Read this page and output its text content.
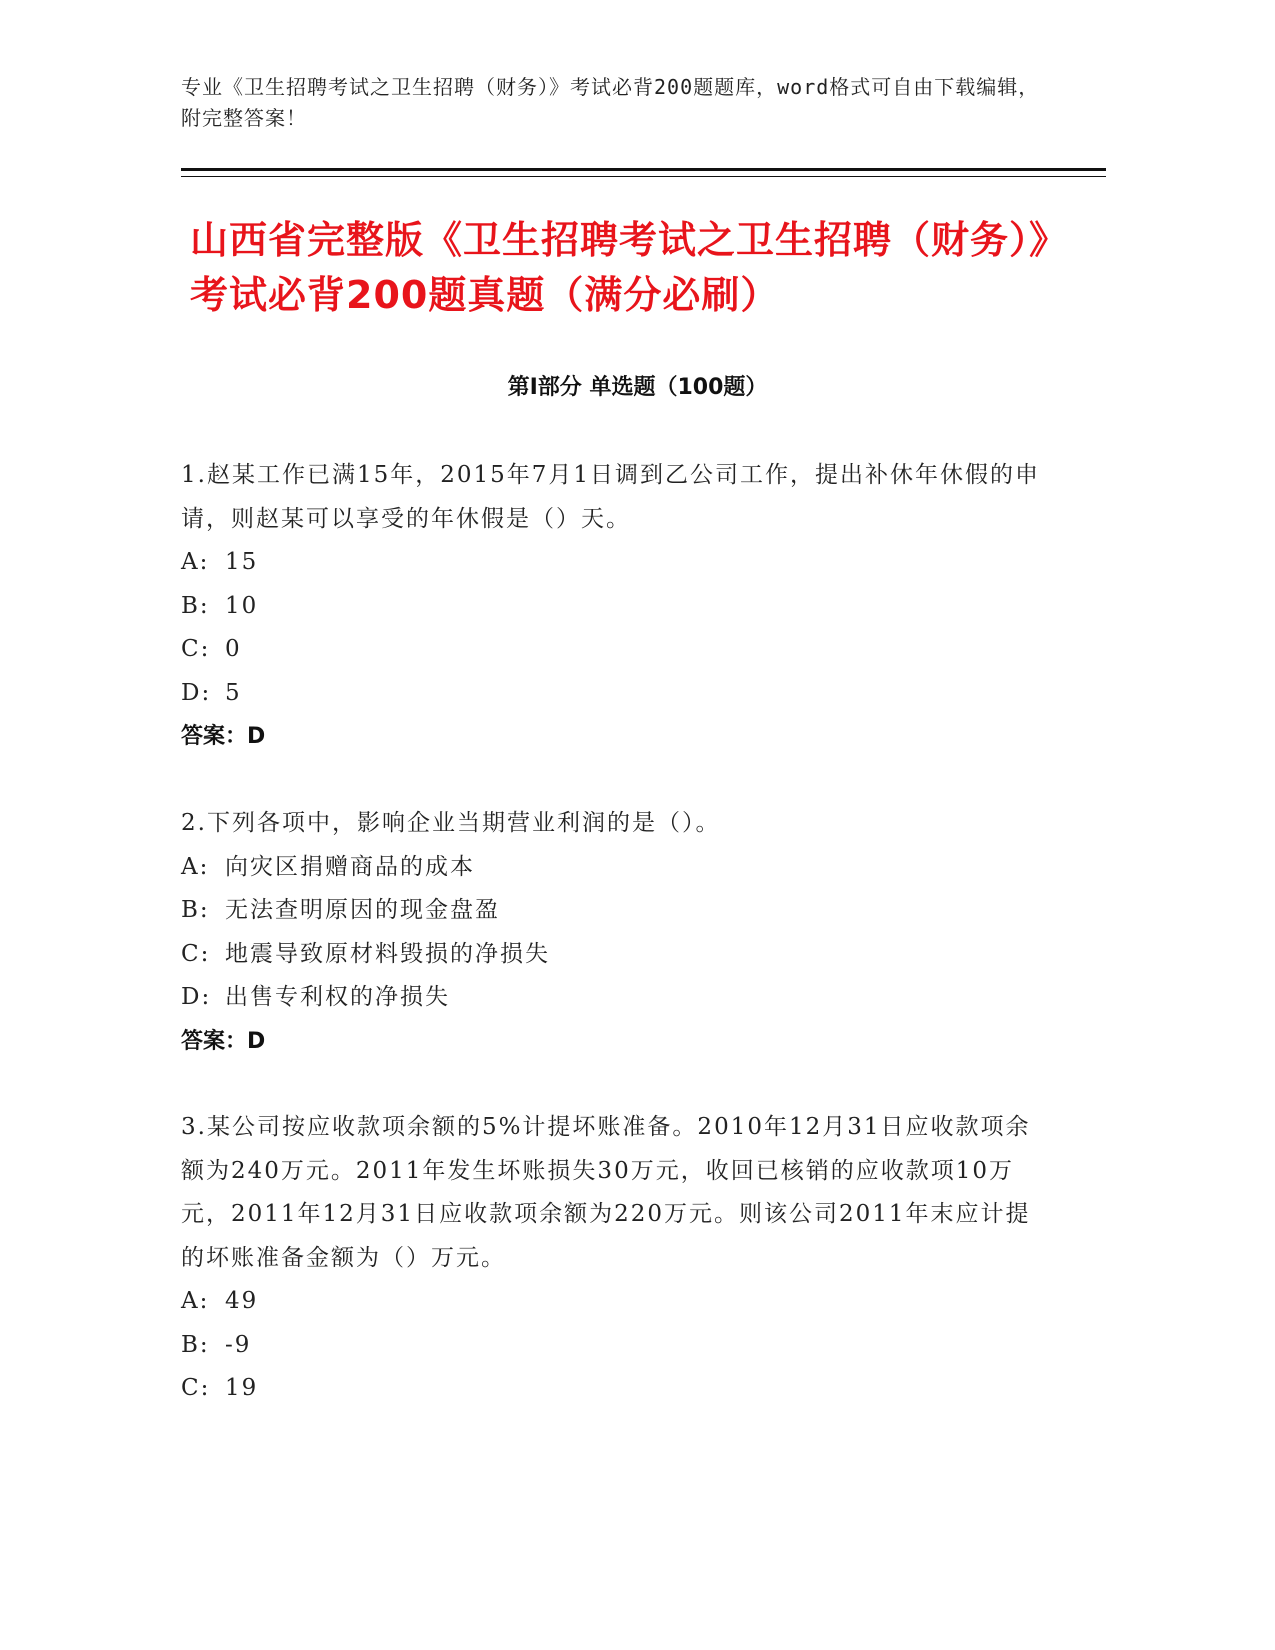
专业《卫生招聘考试之卫生招聘（财务）》考试必背200题题库，word格式可自由下载编辑，附完整答案！
山西省完整版《卫生招聘考试之卫生招聘（财务）》考试必背200题真题（满分必刷）
第Ⅰ部分 单选题（100题）

1.赵某工作已满15年，2015年7月1日调到乙公司工作，提出补休年休假的申请，则赵某可以享受的年休假是（）天。

A: 15

B: 10

C: 0

D: 5

答案：D

2.下列各项中，影响企业当期营业利润的是（）。

A: 向灾区捐赠商品的成本

B: 无法查明原因的现金盘盈

C: 地震导致原材料毁损的净损失

D: 出售专利权的净损失

答案：D

3.某公司按应收款项余额的5%计提坏账准备。2010年12月31日应收款项余额为240万元。2011年发生坏账损失30万元，收回已核销的应收款项10万元，2011年12月31日应收款项余额为220万元。则该公司2011年末应计提的坏账准备金额为（）万元。

A: 49

B: -9

C: 19
